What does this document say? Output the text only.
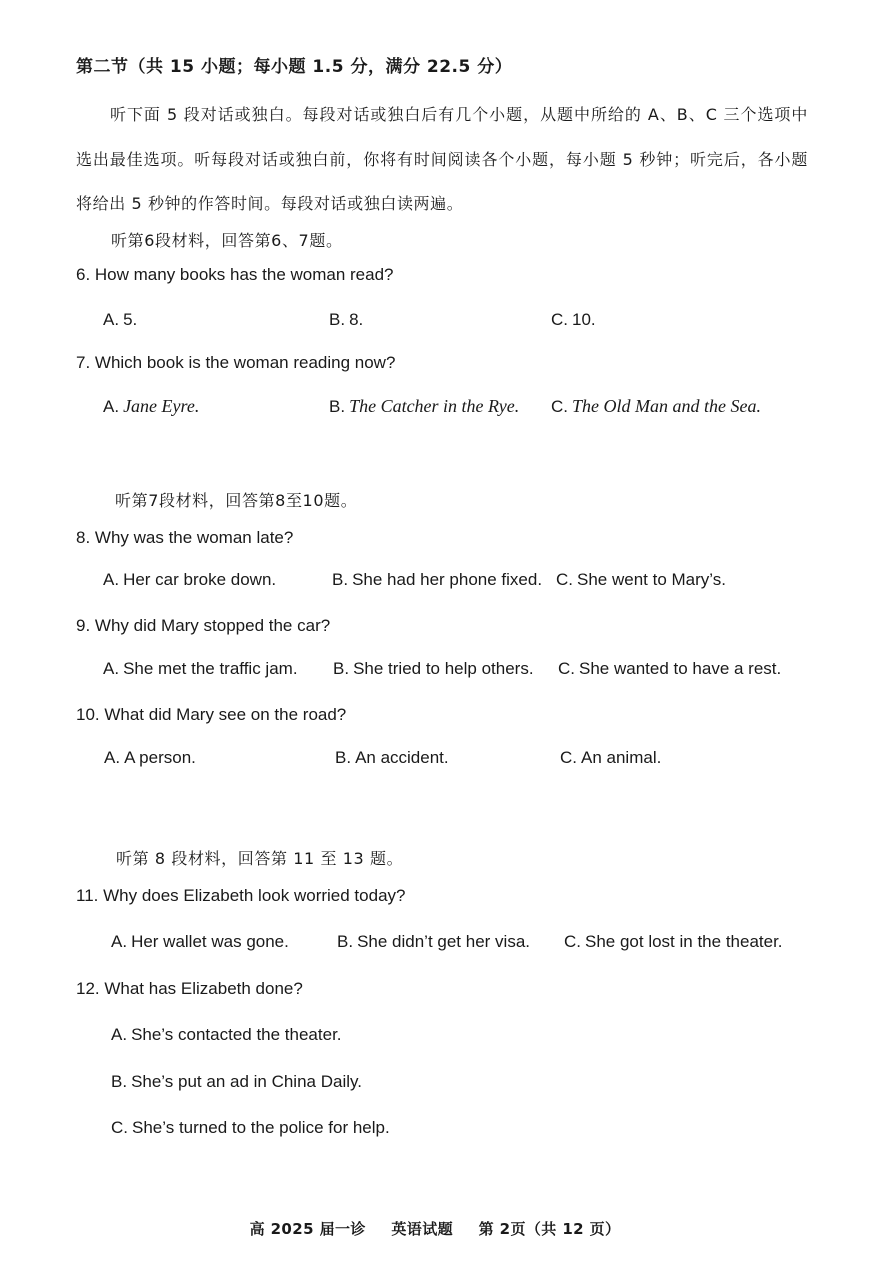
第二节（共 15 小题；每小题 1.5 分，满分 22.5 分）
听下面 5 段对话或独白。每段对话或独白后有几个小题，从题中所给的 A、B、C 三个选项中选出最佳选项。听每段对话或独白前，你将有时间阅读各个小题，每小题 5 秒钟；听完后，各小题将给出 5 秒钟的作答时间。每段对话或独白读两遍。
听第6段材料，回答第6、7题。
6. How many books has the woman read?
A. 5.	B. 8.	C. 10.
7. Which book is the woman reading now?
A. Jane Eyre.	B. The Catcher in the Rye. C. The Old Man and the Sea.
听第7段材料，回答第8至10题。
8. Why was the woman late?
A. Her car broke down.	B. She had her phone fixed. C. She went to Mary’s.
9. Why did Mary stopped the car?
A. She met the traffic jam. B. She tried to help others. C. She wanted to have a rest.
10. What did Mary see on the road?
A. A person.	B. An accident.	C. An animal.
听第 8 段材料，回答第 11 至 13 题。
11. Why does Elizabeth look worried today?
A. Her wallet was gone.	B. She didn’t get her visa. C. She got lost in the theater.
12. What has Elizabeth done?
A. She’s contacted the theater.
B. She’s put an ad in China Daily.
C. She’s turned to the police for help.
高 2025 届一诊 英语试题 第 2页（共 12 页）
